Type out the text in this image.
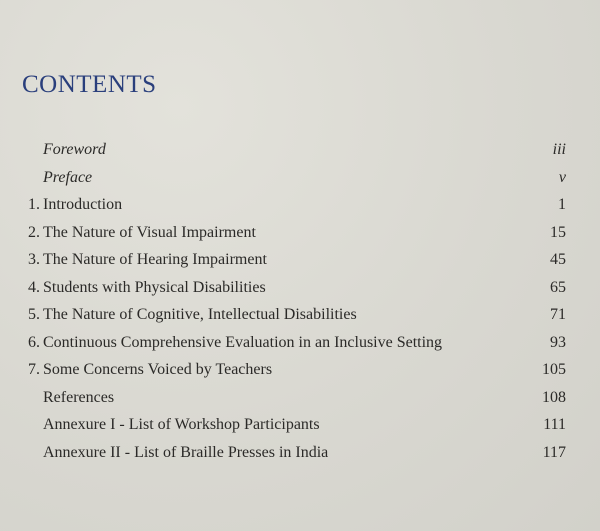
CONTENTS
Foreword	iii
Preface	v
1. Introduction	1
2. The Nature of Visual Impairment	15
3. The Nature of Hearing Impairment	45
4. Students with Physical Disabilities	65
5. The Nature of Cognitive, Intellectual Disabilities	71
6. Continuous Comprehensive Evaluation in an Inclusive Setting	93
7. Some Concerns Voiced by Teachers	105
References	108
Annexure I - List of Workshop Participants	111
Annexure II - List of Braille Presses in India	117
